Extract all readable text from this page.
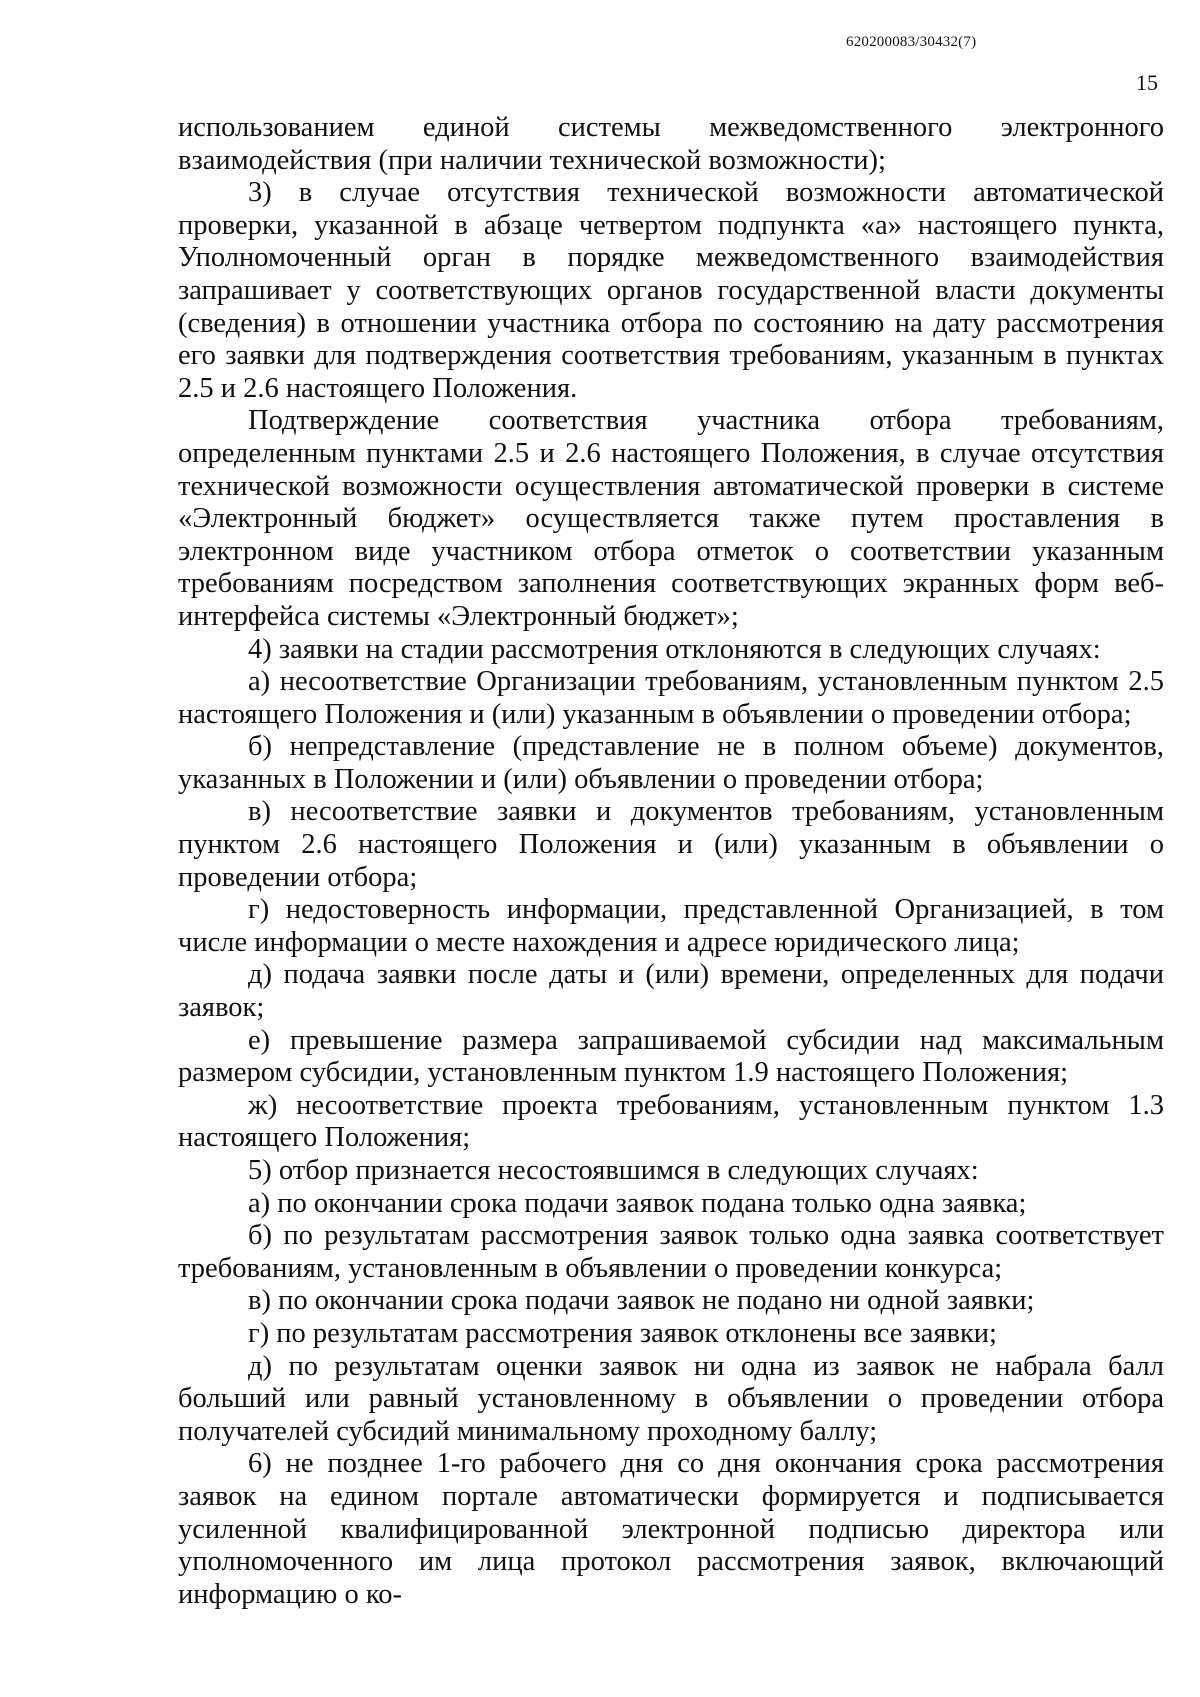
620200083/30432(7)
15

использованием единой системы межведомственного электронного взаимодействия (при наличии технической возможности);

3) в случае отсутствия технической возможности автоматической проверки, указанной в абзаце четвертом подпункта «а» настоящего пункта, Уполномоченный орган в порядке межведомственного взаимодействия запрашивает у соответствующих органов государственной власти документы (сведения) в отношении участника отбора по состоянию на дату рассмотрения его заявки для подтверждения соответствия требованиям, указанным в пунктах 2.5 и 2.6 настоящего Положения.

Подтверждение соответствия участника отбора требованиям, определенным пунктами 2.5 и 2.6 настоящего Положения, в случае отсутствия технической возможности осуществления автоматической проверки в системе «Электронный бюджет» осуществляется также путем проставления в электронном виде участником отбора отметок о соответствии указанным требованиям посредством заполнения соответствующих экранных форм веб-интерфейса системы «Электронный бюджет»;

4) заявки на стадии рассмотрения отклоняются в следующих случаях:

а) несоответствие Организации требованиям, установленным пунктом 2.5 настоящего Положения и (или) указанным в объявлении о проведении отбора;

б) непредставление (представление не в полном объеме) документов, указанных в Положении и (или) объявлении о проведении отбора;

в) несоответствие заявки и документов требованиям, установленным пунктом 2.6 настоящего Положения и (или) указанным в объявлении о проведении отбора;

г) недостоверность информации, представленной Организацией, в том числе информации о месте нахождения и адресе юридического лица;

д) подача заявки после даты и (или) времени, определенных для подачи заявок;

е) превышение размера запрашиваемой субсидии над максимальным размером субсидии, установленным пунктом 1.9 настоящего Положения;

ж) несоответствие проекта требованиям, установленным пунктом 1.3 настоящего Положения;

5) отбор признается несостоявшимся в следующих случаях:

а) по окончании срока подачи заявок подана только одна заявка;

б) по результатам рассмотрения заявок только одна заявка соответствует требованиям, установленным в объявлении о проведении конкурса;

в) по окончании срока подачи заявок не подано ни одной заявки;

г) по результатам рассмотрения заявок отклонены все заявки;

д) по результатам оценки заявок ни одна из заявок не набрала балл больший или равный установленному в объявлении о проведении отбора получателей субсидий минимальному проходному баллу;

6) не позднее 1-го рабочего дня со дня окончания срока рассмотрения заявок на едином портале автоматически формируется и подписывается усиленной квалифицированной электронной подписью директора или уполномоченного им лица протокол рассмотрения заявок, включающий информацию о ко-
